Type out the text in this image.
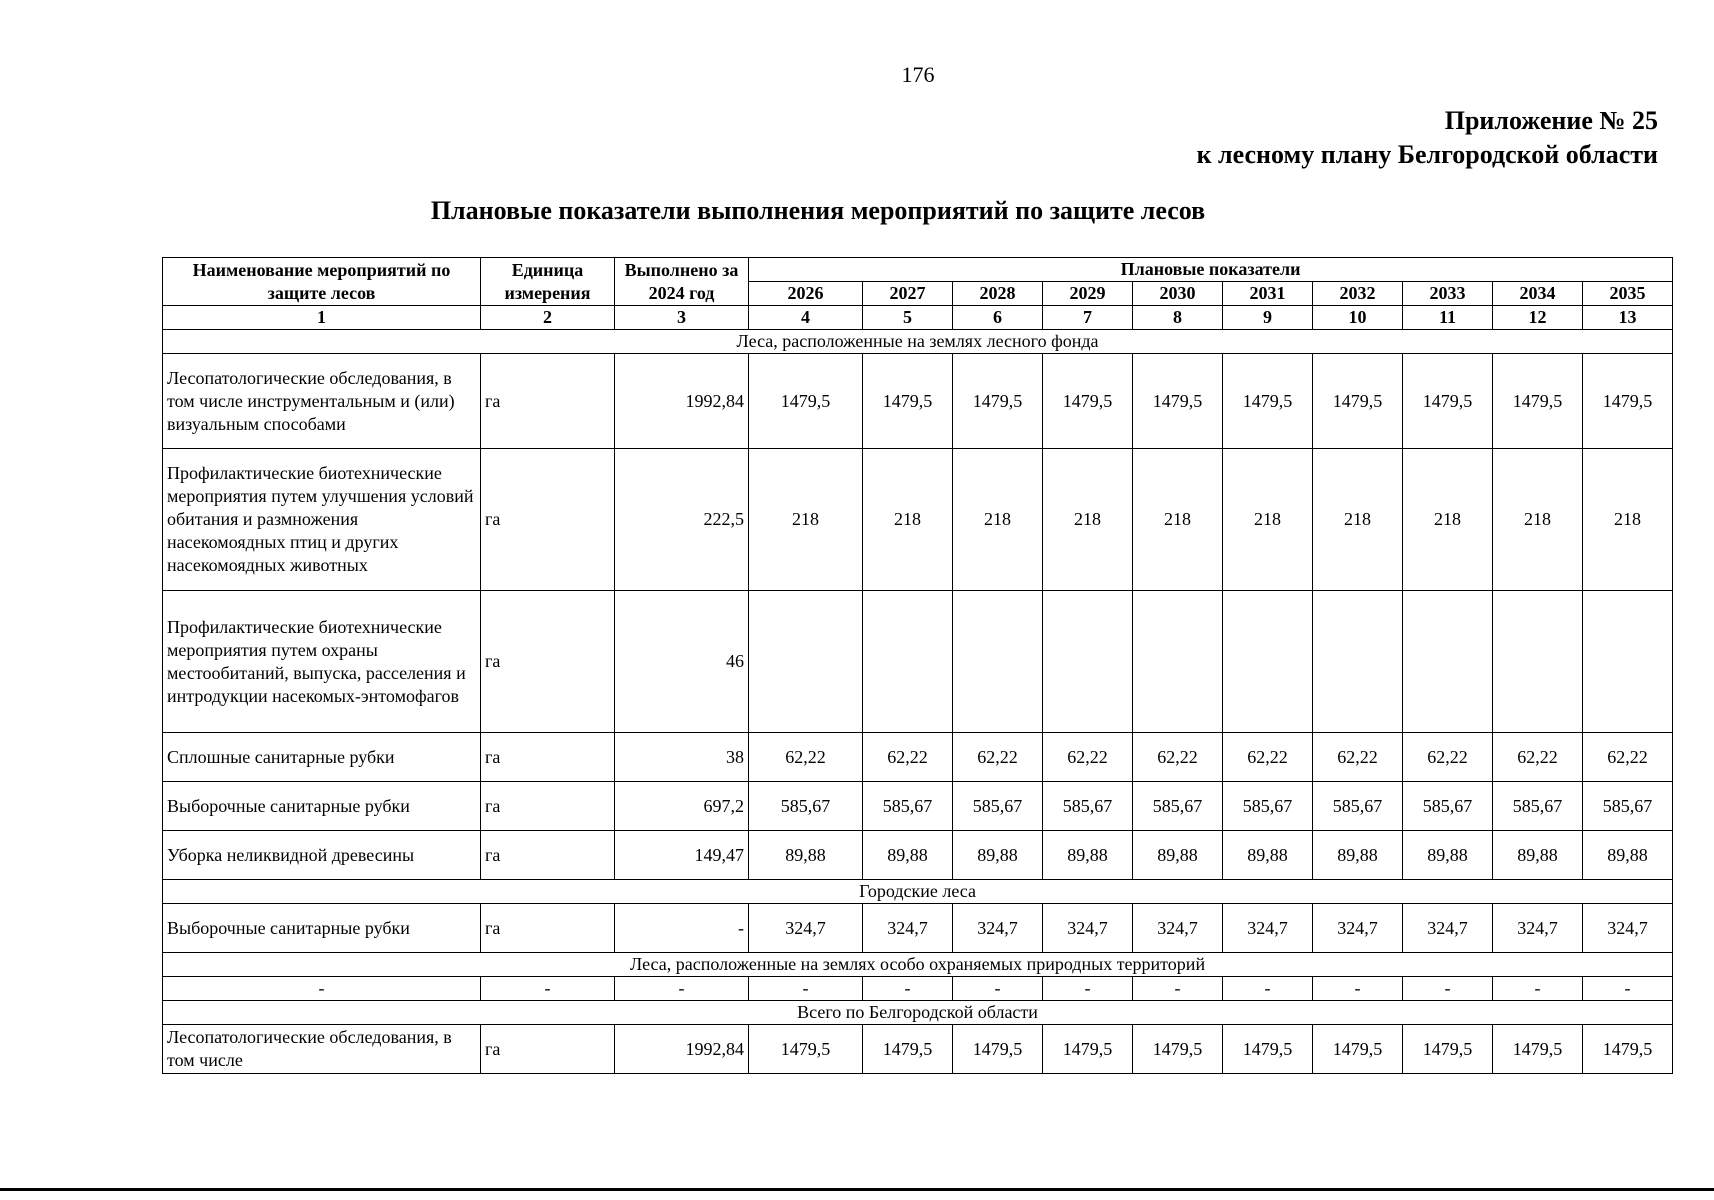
176
Приложение № 25
к лесному плану Белгородской области
Плановые показатели выполнения мероприятий по защите лесов
Наименование мероприятий по защите лесов	Единица измерения	Выполнено за 2024 год	Плановые показатели									
			2026	2027	2028	2029	2030	2031	2032	2033	2034	2035
1	2	3	4	5	6	7	8	9	10	11	12	13
Леса, расположенные на землях лесного фонда												
Лесопатологические обследования, в том числе инструментальным и (или) визуальным способами	га	1992,84	1479,5	1479,5	1479,5	1479,5	1479,5	1479,5	1479,5	1479,5	1479,5	1479,5
Профилактические биотехнические мероприятия путем улучшения условий обитания и размножения насекомоядных птиц и других насекомоядных животных	га	222,5	218	218	218	218	218	218	218	218	218	218
Профилактические биотехнические мероприятия путем охраны местообитаний, выпуска, расселения и интродукции насекомых-энтомофагов	га	46										
Сплошные санитарные рубки	га	38	62,22	62,22	62,22	62,22	62,22	62,22	62,22	62,22	62,22	62,22
Выборочные санитарные рубки	га	697,2	585,67	585,67	585,67	585,67	585,67	585,67	585,67	585,67	585,67	585,67
Уборка неликвидной древесины	га	149,47	89,88	89,88	89,88	89,88	89,88	89,88	89,88	89,88	89,88	89,88
Городские леса												
Выборочные санитарные рубки	га	-	324,7	324,7	324,7	324,7	324,7	324,7	324,7	324,7	324,7	324,7
Леса, расположенные на землях особо охраняемых природных территорий												
-	-	-	-	-	-	-	-	-	-	-	-	-
Всего по Белгородской области												
Лесопатологические обследования, в том числе	га	1992,84	1479,5	1479,5	1479,5	1479,5	1479,5	1479,5	1479,5	1479,5	1479,5	1479,5
